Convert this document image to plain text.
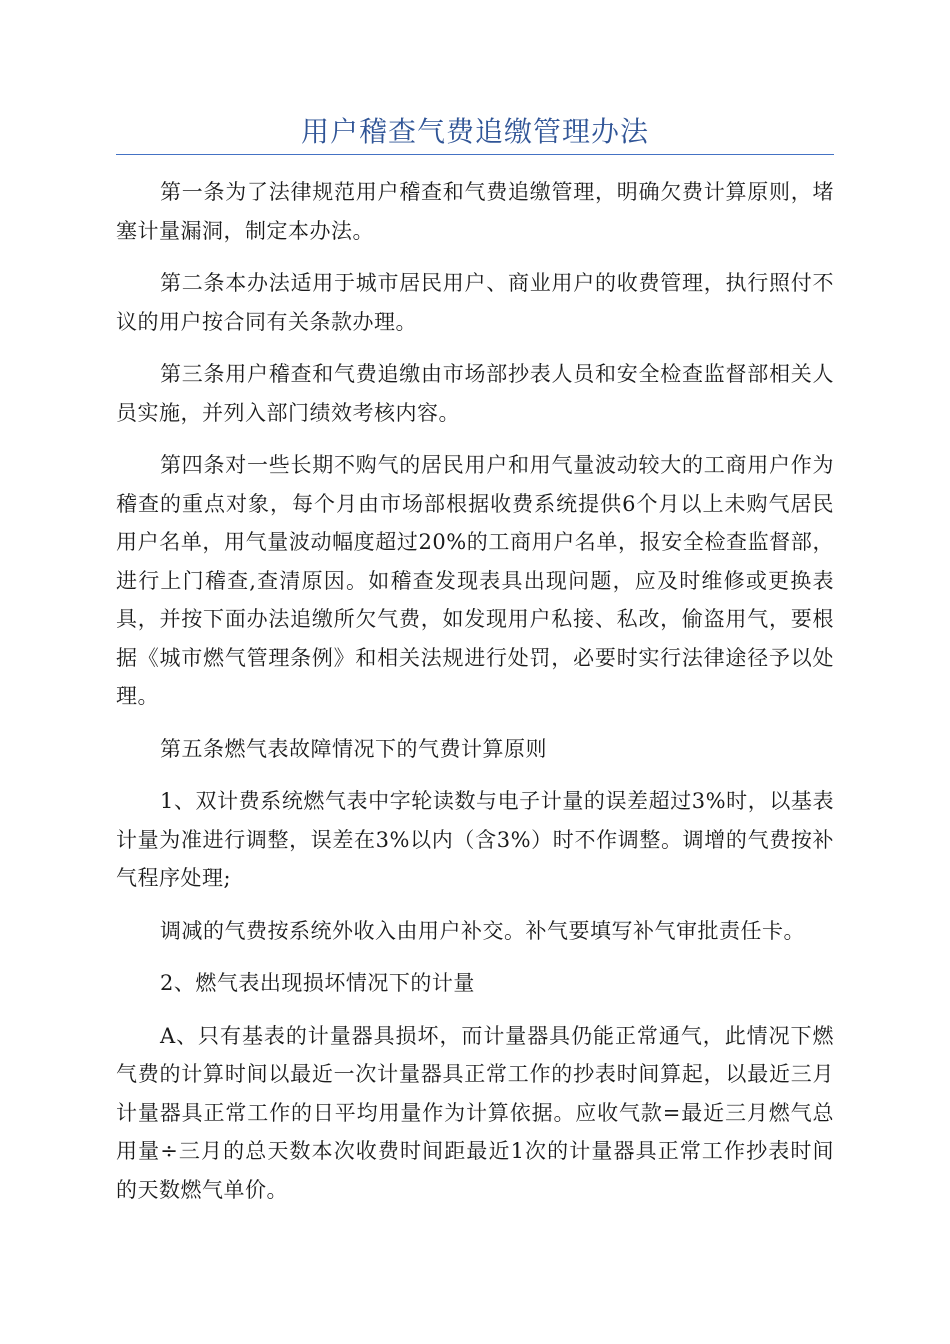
用户稽查气费追缴管理办法

第一条为了法律规范用户稽查和气费追缴管理，明确欠费计算原则，堵塞计量漏洞，制定本办法。

第二条本办法适用于城市居民用户、商业用户的收费管理，执行照付不议的用户按合同有关条款办理。

第三条用户稽查和气费追缴由市场部抄表人员和安全检查监督部相关人员实施，并列入部门绩效考核内容。

第四条对一些长期不购气的居民用户和用气量波动较大的工商用户作为稽查的重点对象，每个月由市场部根据收费系统提供6个月以上未购气居民用户名单，用气量波动幅度超过20%的工商用户名单，报安全检查监督部，进行上门稽查,查清原因。如稽查发现表具出现问题，应及时维修或更换表具，并按下面办法追缴所欠气费，如发现用户私接、私改，偷盗用气，要根据《城市燃气管理条例》和相关法规进行处罚，必要时实行法律途径予以处理。

第五条燃气表故障情况下的气费计算原则

1、双计费系统燃气表中字轮读数与电子计量的误差超过3%时，以基表计量为准进行调整，误差在3%以内（含3%）时不作调整。调增的气费按补气程序处理;

调减的气费按系统外收入由用户补交。补气要填写补气审批责任卡。

2、燃气表出现损坏情况下的计量

A、只有基表的计量器具损坏，而计量器具仍能正常通气，此情况下燃气费的计算时间以最近一次计量器具正常工作的抄表时间算起，以最近三月计量器具正常工作的日平均用量作为计算依据。应收气款=最近三月燃气总用量÷三月的总天数本次收费时间距最近1次的计量器具正常工作抄表时间的天数燃气单价。
